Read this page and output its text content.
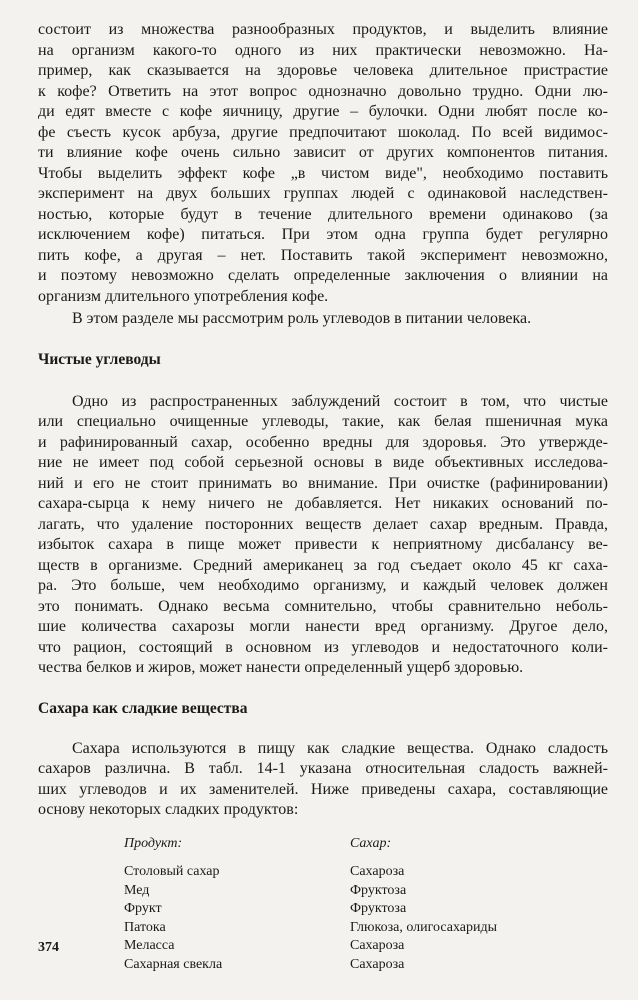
состоит из множества разнообразных продуктов, и выделить влияние
на организм какого-то одного из них практически невозможно. На-
пример, как сказывается на здоровье человека длительное пристрастие
к кофе? Ответить на этот вопрос однозначно довольно трудно. Одни лю-
ди едят вместе с кофе яичницу, другие – булочки. Одни любят после ко-
фе съесть кусок арбуза, другие предпочитают шоколад. По всей видимос-
ти влияние кофе очень сильно зависит от других компонентов питания.
Чтобы выделить эффект кофе „в чистом виде", необходимо поставить
эксперимент на двух больших группах людей с одинаковой наследствен-
ностью, которые будут в течение длительного времени одинаково (за
исключением кофе) питаться. При этом одна группа будет регулярно
пить кофе, а другая – нет. Поставить такой эксперимент невозможно,
и поэтому невозможно сделать определенные заключения о влиянии на
организм длительного употребления кофе.
В этом разделе мы рассмотрим роль углеводов в питании человека.
Чистые углеводы
Одно из распространенных заблуждений состоит в том, что чистые
или специально очищенные углеводы, такие, как белая пшеничная мука
и рафинированный сахар, особенно вредны для здоровья. Это утвержде-
ние не имеет под собой серьезной основы в виде объективных исследова-
ний и его не стоит принимать во внимание. При очистке (рафинировании)
сахара-сырца к нему ничего не добавляется. Нет никаких оснований по-
лагать, что удаление посторонних веществ делает сахар вредным. Правда,
избыток сахара в пище может привести к неприятному дисбалансу ве-
ществ в организме. Средний американец за год съедает около 45 кг саха-
ра. Это больше, чем необходимо организму, и каждый человек должен
это понимать. Однако весьма сомнительно, чтобы сравнительно неболь-
шие количества сахарозы могли нанести вред организму. Другое дело,
что рацион, состоящий в основном из углеводов и недостаточного коли-
чества белков и жиров, может нанести определенный ущерб здоровью.
Сахара как сладкие вещества
Сахара используются в пищу как сладкие вещества. Однако сладость
сахаров различна. В табл. 14-1 указана относительная сладость важней-
ших углеводов и их заменителей. Ниже приведены сахара, составляющие
основу некоторых сладких продуктов:
Продукт:	Сахар:
Столовый сахар	Сахароза
Мед	Фруктоза
Фрукт	Фруктоза
Патока	Глюкоза, олигосахариды
Меласса	Сахароза
Сахарная свекла	Сахароза
374
